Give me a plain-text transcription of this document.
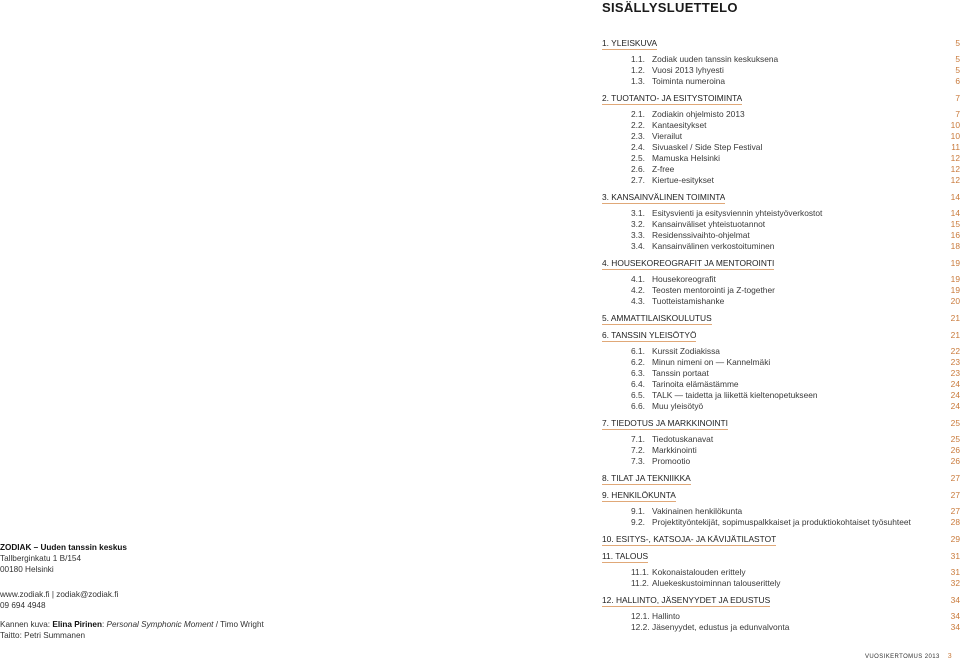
SISÄLLYSLUETTELO
1. YLEISKUVA	5
1.1. Zodiak uuden tanssin keskuksena	5
1.2. Vuosi 2013 lyhyesti	5
1.3. Toiminta numeroina	6
2. TUOTANTO- JA ESITYSTOIMINTA	7
2.1. Zodiakin ohjelmisto 2013	7
2.2. Kantaesitykset	10
2.3. Vierailut	10
2.4. Sivuaskel / Side Step Festival	11
2.5. Mamuska Helsinki	12
2.6. Z-free	12
2.7. Kiertue-esitykset	12
3. KANSAINVÄLINEN TOIMINTA	14
3.1. Esitysvienti ja esitysviennin yhteistyöverkostot	14
3.2. Kansainväliset yhteistuotannot	15
3.3. Residenssivaihto-ohjelmat	16
3.4. Kansainvälinen verkostoituminen	18
4. HOUSEKOREOGRAFIT JA MENTOROINTI	19
4.1. Housekoreografit	19
4.2. Teosten mentorointi ja Z-together	19
4.3. Tuotteistamishanke	20
5. AMMATTILAISKOULUTUS	21
6. TANSSIN YLEISÖTYÖ	21
6.1. Kurssit Zodiakissa	22
6.2. Minun nimeni on — Kannelmäki	23
6.3. Tanssin portaat	23
6.4. Tarinoita elämästämme	24
6.5. TALK — taidetta ja liikettä kieltenopetukseen	24
6.6. Muu yleisötyö	24
7. TIEDOTUS JA MARKKINOINTI	25
7.1. Tiedotuskanavat	25
7.2. Markkinointi	26
7.3. Promootio	26
8. TILAT JA TEKNIIKKA	27
9. HENKILÖKUNTA	27
9.1. Vakinainen henkilökunta	27
9.2. Projektityöntekijät, sopimuspalkkaiset ja produktiokohtaiset työsuhteet	28
10. ESITYS-, KATSOJA- JA KÄVIJÄTILASTOT	29
11. TALOUS	31
11.1. Kokonaistalouden erittely	31
11.2. Aluekeskustoiminnan talouserittely	32
12. HALLINTO, JÄSENYYDET JA EDUSTUS	34
12.1. Hallinto	34
12.2. Jäsenyydet, edustus ja edunvalvonta	34
ZODIAK – Uuden tanssin keskus
Tallberginkatu 1 B/154
00180 Helsinki
www.zodiak.fi | zodiak@zodiak.fi
09 694 4948
Kannen kuva: Elina Pirinen: Personal Symphonic Moment / Timo Wright
Taitto: Petri Summanen
VUOSIKERTOMUS 2013 3
